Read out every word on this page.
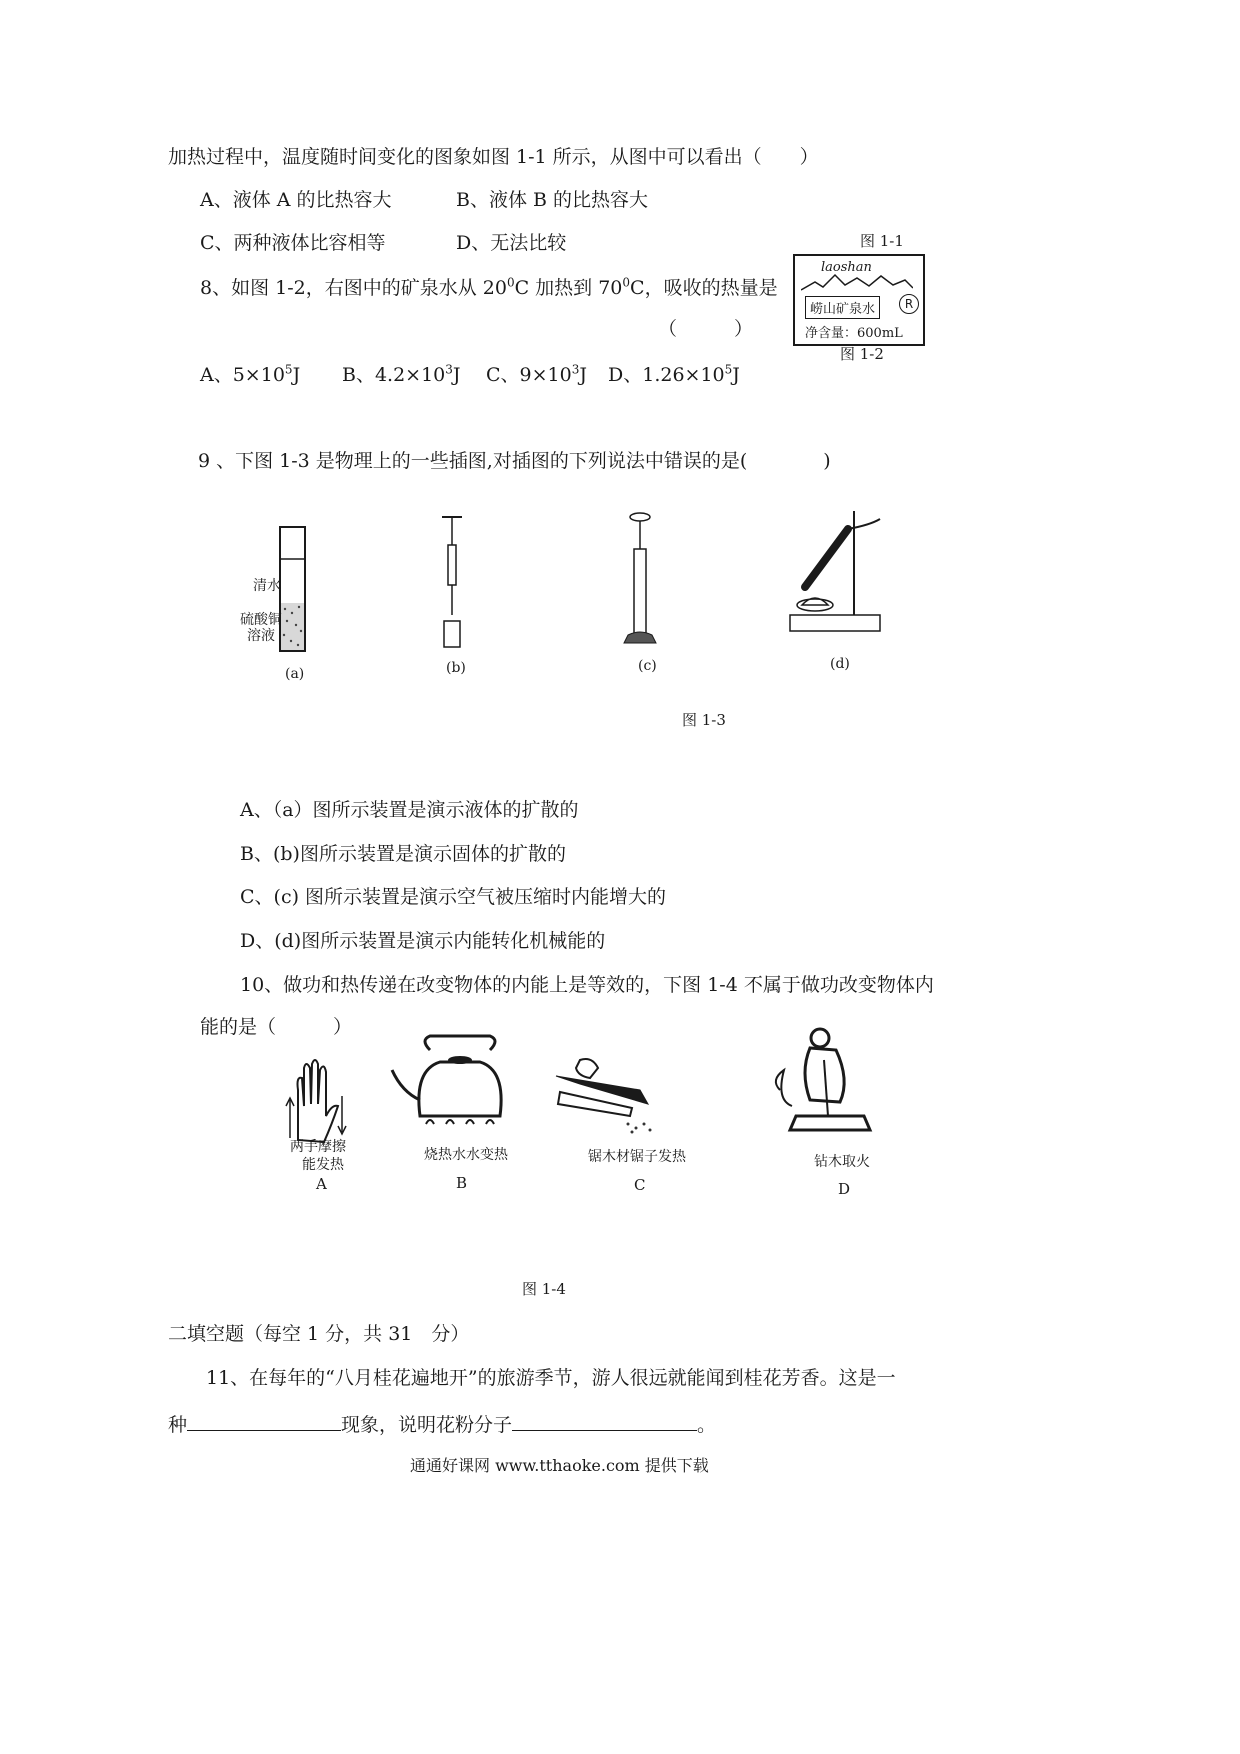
加热过程中，温度随时间变化的图象如图 1-1 所示，从图中可以看出（　　）
A、液体 A 的比热容大	B、液体 B 的比热容大
C、两种液体比容相等	D、无法比较	图 1-1
8、如图 1-2，右图中的矿泉水从 $20^0C$ 加热到 $70^0C$，吸收的热量是
（　　　）
laoshan
崂山矿泉水	R
净含量：600mL
图 1-2
A、$5\times 10^5J$ B、$4.2\times 10^3J$ C、$9\times 10^3J$ D、$1.26\times 10^5J$
9 、下图 1-3 是物理上的一些插图,对插图的下列说法中错误的是(　　　　)
清水
硫酸铜
溶液
(a)	(b)	(c)	(d)
图 1-3
A、（a）图所示装置是演示液体的扩散的
B、(b)图所示装置是演示固体的扩散的
C、(c) 图所示装置是演示空气被压缩时内能增大的
D、(d)图所示装置是演示内能转化机械能的
10、做功和热传递在改变物体的内能上是等效的，下图 1-4 不属于做功改变物体内
能的是（　　　）
两手摩擦
能发热
A
烧热水水变热
B
锯木材锯子发热
C
钻木取火
D
图 1-4
二填空题（每空 1 分，共 31　分）
11、在每年的“八月桂花遍地开”的旅游季节，游人很远就能闻到桂花芳香。这是一
种	现象，说明花粉分子	。
通通好课网 www.tthaoke.com 提供下载
